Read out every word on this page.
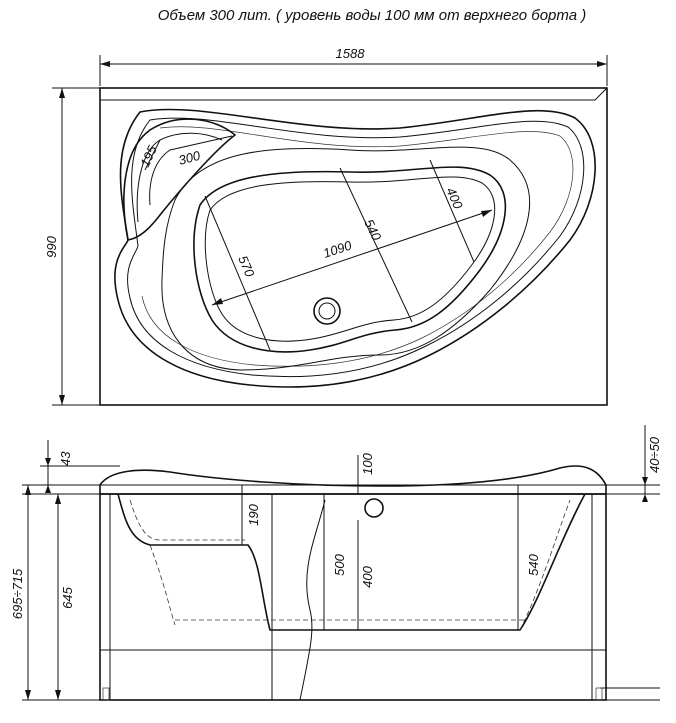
Объем 300 лит. ( уровень воды 100 мм от верхнего борта )
1588
990
195 300
1090
540
570
400
43
695÷715	645
190
100
500
400
540
40÷50
